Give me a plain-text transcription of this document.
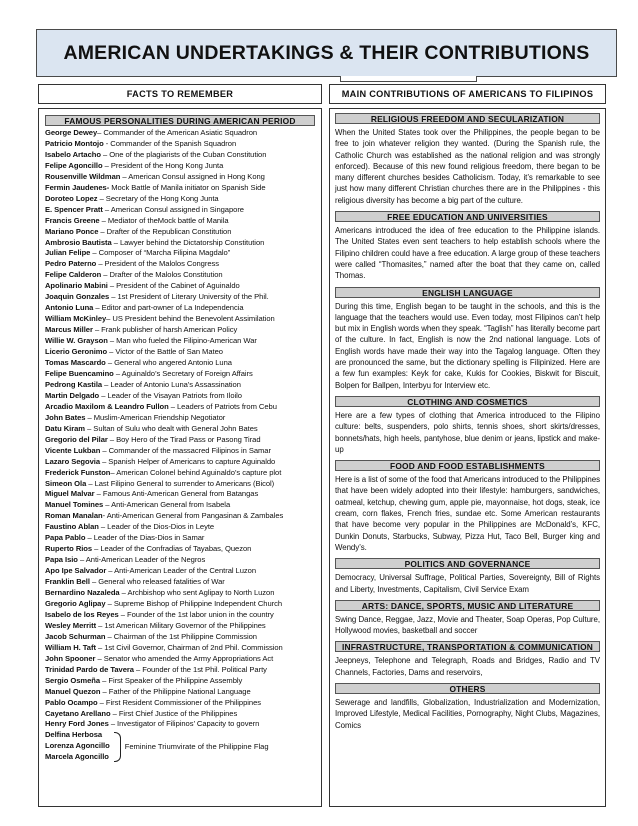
AMERICAN UNDERTAKINGS & THEIR CONTRIBUTIONS
FACTS TO REMEMBER	MAIN CONTRIBUTIONS OF AMERICANS TO FILIPINOS
FAMOUS PERSONALITIES DURING AMERICAN PERIOD
George Dewey– Commander of the American Asiatic Squadron
Patricio Montojo - Commander of the Spanish Squadron
Isabelo Artacho – One of the plagiarists of the Cuban Constitution
Felipe Agoncillo – President of the Hong Kong Junta
Rousenville Wildman – American Consul assigned in Hong Kong
Fermin Jaudenes- Mock Battle of Manila initiator on Spanish Side
Doroteo Lopez – Secretary of the Hong Kong Junta
E. Spencer Pratt – American Consul assigned in Singapore
Francis Greene – Mediator of theMock battle of Manila
Mariano Ponce – Drafter of the Republican Constitution
Ambrosio Bautista – Lawyer behind the Dictatorship Constitution
Julian Felipe – Composer of “Marcha Filipina Magdalo”
Pedro Paterno – President of the Malolos Congress
Felipe Calderon – Drafter of the Malolos Constitution
Apolinario Mabini – President of the Cabinet of Aguinaldo
Joaquin Gonzales – 1st President of Literary University of the Phil.
Antonio Luna – Editor and part-owner of La Independencia
William McKinley– US President behind the Benevolent Assimilation
Marcus Miller – Frank publisher of harsh American Policy
Willie W. Grayson – Man who fueled the Filipino-American War
Licerio Geronimo – Victor of the Battle of San Mateo
Tomas Mascardo – General who angered Antonio Luna
Felipe Buencamino – Aguinaldo’s Secretary of Foreign Affairs
Pedrong Kastila – Leader of Antonio Luna’s Assassination
Martin Delgado – Leader of the Visayan Patriots from Iloilo
Arcadio Maxilom & Leandro Fullon – Leaders of Patriots from Cebu
John Bates – Muslim-American Friendship Negotiator
Datu Kiram – Sultan of Sulu who dealt with General John Bates
Gregorio del Pilar – Boy Hero of the Tirad Pass or Pasong Tirad
Vicente Lukban – Commander of the massacred Filipinos in Samar
Lazaro Segovia – Spanish Helper of Americans to capture Aguinaldo
Frederick Funston– American Colonel behind Aguinaldo’s capture plot
Simeon Ola – Last Filipino General to surrender to Americans (Bicol)
Miguel Malvar – Famous Anti-American General from Batangas
Manuel Tomines – Anti-American General from Isabela
Roman Manalan- Anti-American General from Pangasinan & Zambales
Faustino Ablan – Leader of the Dios-Dios in Leyte
Papa Pablo – Leader of the Dias-Dios in Samar
Ruperto Rios – Leader of the Confradias of Tayabas, Quezon
Papa Isio – Anti-American Leader of the Negros
Apo Ipe Salvador – Anti-American Leader of the Central Luzon
Franklin Bell – General who released fatalities of War
Bernardino Nazaleda – Archbishop who sent Aglipay to North Luzon
Gregorio Aglipay – Supreme Bishop of Philippine Independent Church
Isabelo de los Reyes – Founder of the 1st labor union in the country
Wesley Merritt – 1st American Military Governor of the Philippines
Jacob Schurman – Chairman of the 1st Philippine Commission
William H. Taft – 1st Civil Governor, Chairman of 2nd Phil. Commission
John Spooner – Senator who amended the Army Appropriations Act
Trinidad Pardo de Tavera – Founder of the 1st Phil. Political Party
Sergio Osmeña – First Speaker of the Philippine Assembly
Manuel Quezon – Father of the Philippine National Language
Pablo Ocampo – First Resident Commissioner of the Philippines
Cayetano Arellano – First Chief Justice of the Philippines
Henry Ford Jones – Investigator of Filipinos’ Capacity to govern
Delfina Herbosa
Lorenza Agoncillo
Marcela Agoncillo
Feminine Triumvirate of the Philippine Flag
RELIGIOUS FREEDOM AND SECULARIZATION
When the United States took over the Philippines, the people began to be free to join whatever religion they wanted. (During the Spanish rule, the Catholic Church was established as the national religion and was strongly enforced). Because of this new found religious freedom, there began to be many different churches besides Catholicism. Today, it’s remarkable to see just how many different Christian churches there are in the Philippines - this religious diversity has become a big part of the culture.
FREE EDUCATION AND UNIVERSITIES
Americans introduced the idea of free education to the Philippine islands. The United States even sent teachers to help establish schools where the Filipino children could have a free education. A large group of these teachers were called “Thomasites,” named after the boat that they came on, called Thomas.
ENGLISH LANGUAGE
During this time, English began to be taught in the schools, and this is the language that the teachers would use. Even today, most Filipinos can’t help but mix in English words when they speak. “Taglish” has literally become part of the culture. In fact, English is now the 2nd national language. Lots of English words have made their way into the Tagalog language. Often they are pronounced the same, but the dictionary spelling is Filipinized. Here are a few fun examples: Keyk for cake, Kukis for Cookies, Biskwit for Biscuit, Bolpen for Ballpen, Interbyu for Interview etc.
CLOTHING AND COSMETICS
Here are a few types of clothing that America introduced to the Filipino culture: belts, suspenders, polo shirts, tennis shoes, short skirts/dresses, bonnets/hats, high heels, pantyhose, blue denim or jeans, lipstick and make-up
FOOD AND FOOD ESTABLISHMENTS
Here is a list of some of the food that Americans introduced to the Philippines that have been widely adopted into their lifestyle: hamburgers, sandwiches, oatmeal, ketchup, chewing gum, apple pie, mayonnaise, hot dogs, steak, ice cream, corn flakes, French fries, sundae etc. Some American restaurants that have become very popular in the Philippines are McDonald’s, KFC, Dunkin Donuts, Starbucks, Subway, Pizza Hut, Taco Bell, Burger king and Wendy’s.
POLITICS AND GOVERNANCE
Democracy, Universal Suffrage, Political Parties, Sovereignty, Bill of Rights and Liberty, Investments, Capitalism, Civil Service Exam
ARTS: DANCE, SPORTS, MUSIC AND LITERATURE
Swing Dance, Reggae, Jazz, Movie and Theater, Soap Operas, Pop Culture, Hollywood movies, basketball and soccer
INFRASTRUCTURE, TRANSPORTATION & COMMUNICATION
Jeepneys, Telephone and Telegraph, Roads and Bridges, Radio and TV Channels, Factories, Dams and reservoirs,
OTHERS
Sewerage and landfills, Globalization, Industrialization and Modernization, Improved Lifestyle, Medical Facilities, Pornography, Night Clubs, Magazines, Comics
